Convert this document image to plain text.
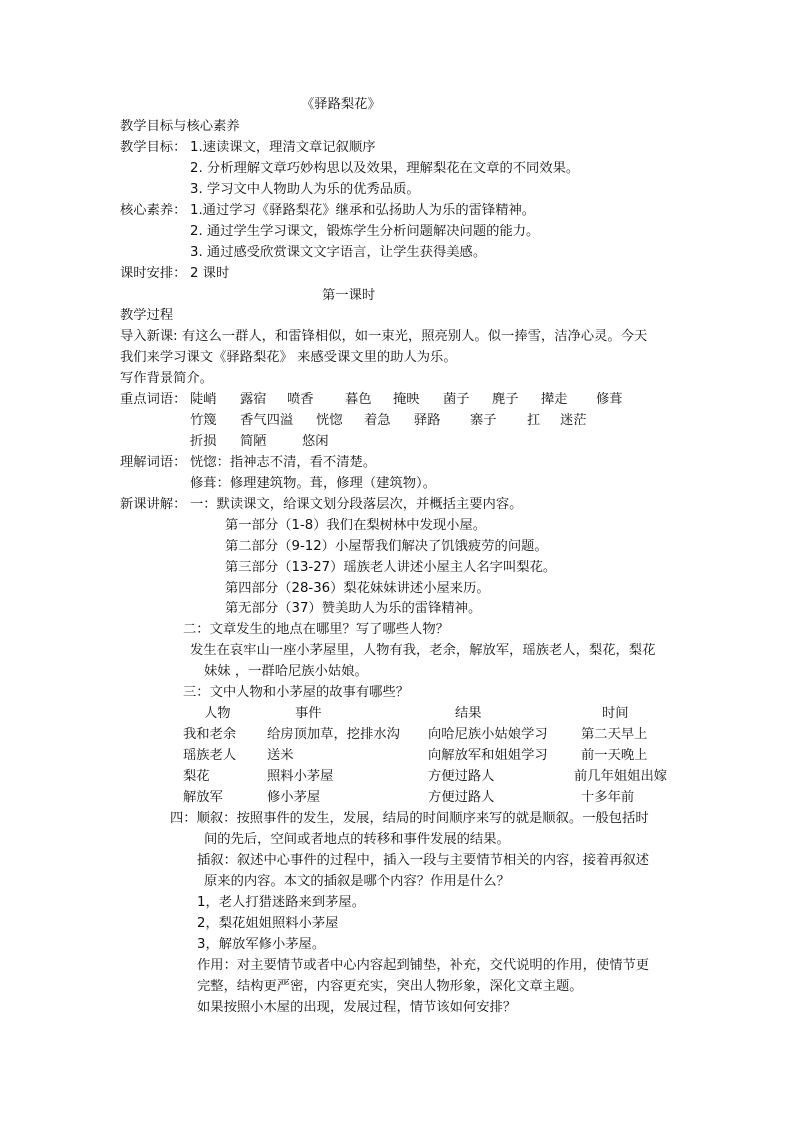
《驿路梨花》
教学目标与核心素养
教学目标： 1.速读课文，理清文章记叙顺序
2. 分析理解文章巧妙构思以及效果，理解梨花在文章的不同效果。
3. 学习文中人物助人为乐的优秀品质。
核心素养： 1.通过学习《驿路梨花》继承和弘扬助人为乐的雷锋精神。
2. 通过学生学习课文，锻炼学生分析问题解决问题的能力。
3. 通过感受欣赏课文文字语言，让学生获得美感。
课时安排： 2 课时
第一课时
教学过程
导入新课: 有这么一群人，和雷锋相似，如一束光，照亮别人。似一捧雪，洁净心灵。今天
我们来学习课文《驿路梨花》 来感受课文里的助人为乐。
写作背景简介。
重点词语： 陡峭 露宿 喷香 暮色 掩映 菌子 麂子 撵走 修葺
竹篾 香气四溢 恍惚 着急 驿路 寨子 扛 迷茫
折损 简陋	悠闲
理解词语： 恍惚：指神志不清，看不清楚。
修葺：修理建筑物。葺，修理（建筑物）。
新课讲解： 一：默读课文，给课文划分段落层次，并概括主要内容。
第一部分（1-8）我们在梨树林中发现小屋。
第二部分（9-12）小屋帮我们解决了饥饿疲劳的问题。
第三部分（13-27）瑶族老人讲述小屋主人名字叫梨花。
第四部分（28-36）梨花妹妹讲述小屋来历。
第无部分（37）赞美助人为乐的雷锋精神。
二：文章发生的地点在哪里？写了哪些人物？
发生在哀牢山一座小茅屋里，人物有我，老余，解放军，瑶族老人，梨花，梨花
妹妹 ，一群哈尼族小姑娘。
三：文中人物和小茅屋的故事有哪些？
人物	事件	结果	时间
我和老余 给房顶加草，挖排水沟 向哈尼族小姑娘学习	第二天早上
瑶族老人 送米	向解放军和姐姐学习	前一天晚上
梨花	照料小茅屋	方便过路人	前几年姐姐出嫁
解放军	修小茅屋	方便过路人	十多年前
四：顺叙：按照事件的发生，发展，结局的时间顺序来写的就是顺叙。一般包括时
间的先后，空间或者地点的转移和事件发展的结果。
插叙：叙述中心事件的过程中，插入一段与主要情节相关的内容，接着再叙述
原来的内容。本文的插叙是哪个内容？作用是什么？
1，老人打猎迷路来到茅屋。
2，梨花姐姐照料小茅屋
3，解放军修小茅屋。
作用：对主要情节或者中心内容起到铺垫，补充，交代说明的作用，使情节更
完整，结构更严密，内容更充实，突出人物形象，深化文章主题。
如果按照小木屋的出现，发展过程，情节该如何安排？
